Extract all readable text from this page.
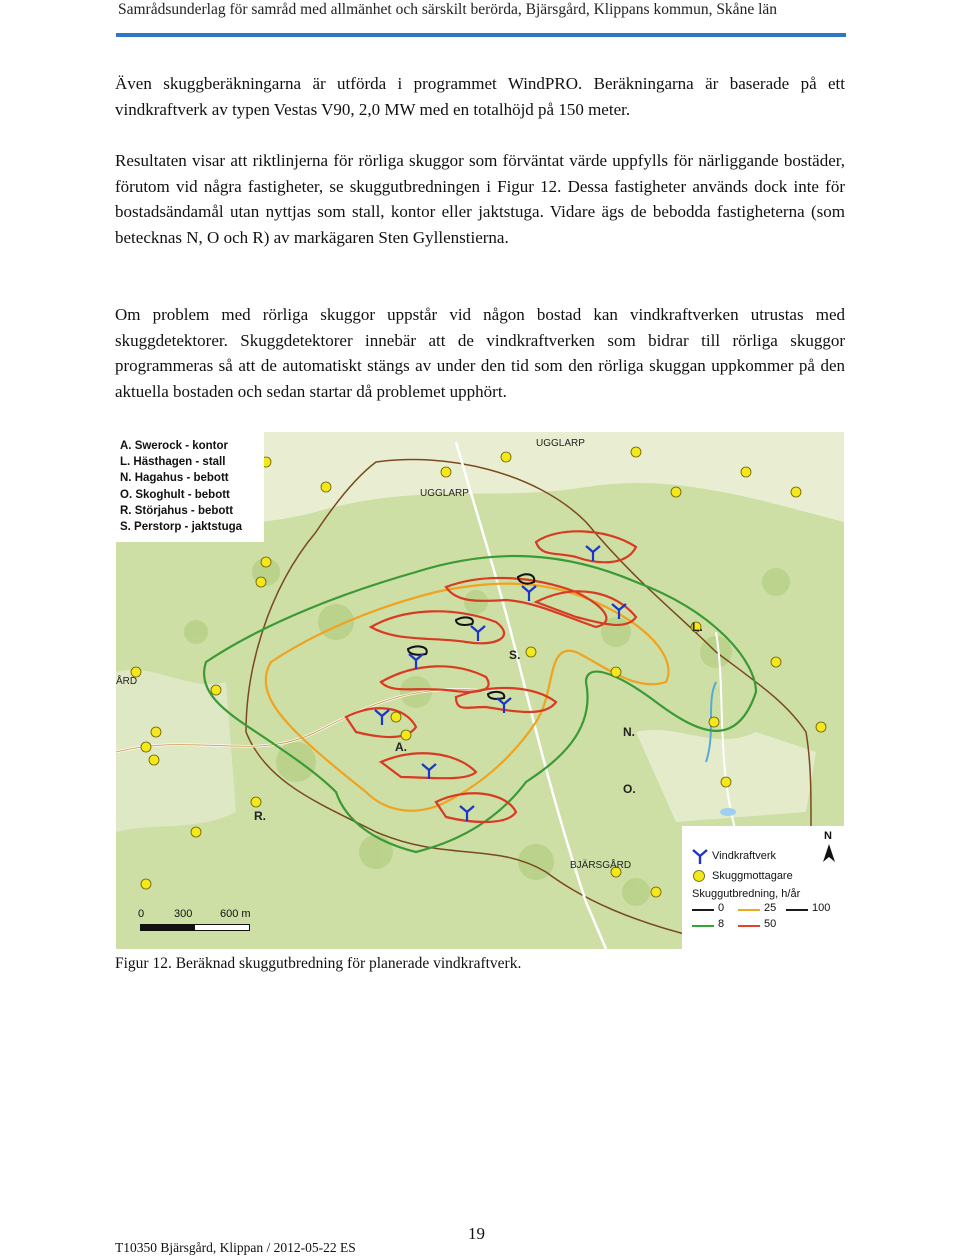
Samrådsunderlag för samråd med allmänhet och särskilt berörda, Bjärsgård, Klippans kommun, Skåne län

Även skuggberäkningarna är utförda i programmet WindPRO. Beräkningarna är baserade på ett vindkraftverk av typen Vestas V90, 2,0 MW med en totalhöjd på 150 meter.

Resultaten visar att riktlinjerna för rörliga skuggor som förväntat värde uppfylls för närliggande bostäder, förutom vid några fastigheter, se skuggutbredningen i Figur 12. Dessa fastigheter används dock inte för bostadsändamål utan nyttjas som stall, kontor eller jaktstuga. Vidare ägs de bebodda fastigheterna (som betecknas N, O och R) av markägaren Sten Gyllenstierna.

Om problem med rörliga skuggor uppstår vid någon bostad kan vindkraftverken utrustas med skuggdetektorer. Skuggdetektorer innebär att de vindkraftverken som bidrar till rörliga skuggor programmeras så att de automatiskt stängs av under den tid som den rörliga skuggan uppkommer på den aktuella bostaden och sedan startar då problemet upphört.

UGGLARP
UGGLARP
BJÄRSGÅRD
ÅRD
L.
S.
A.
N.
O.
R.
A. Swerock - kontor
L. Hästhagen - stall
N. Hagahus - bebott
O. Skoghult - bebott
R. Störjahus - bebott
S. Perstorp - jaktstuga
0	300	600 m
N
Vindkraftverk
Skuggmottagare
Skuggutbredning, h/år
0
8
25
50
100
Figur 12. Beräknad skuggutbredning för planerade vindkraftverk.
19
T10350 Bjärsgård, Klippan / 2012-05-22 ES
